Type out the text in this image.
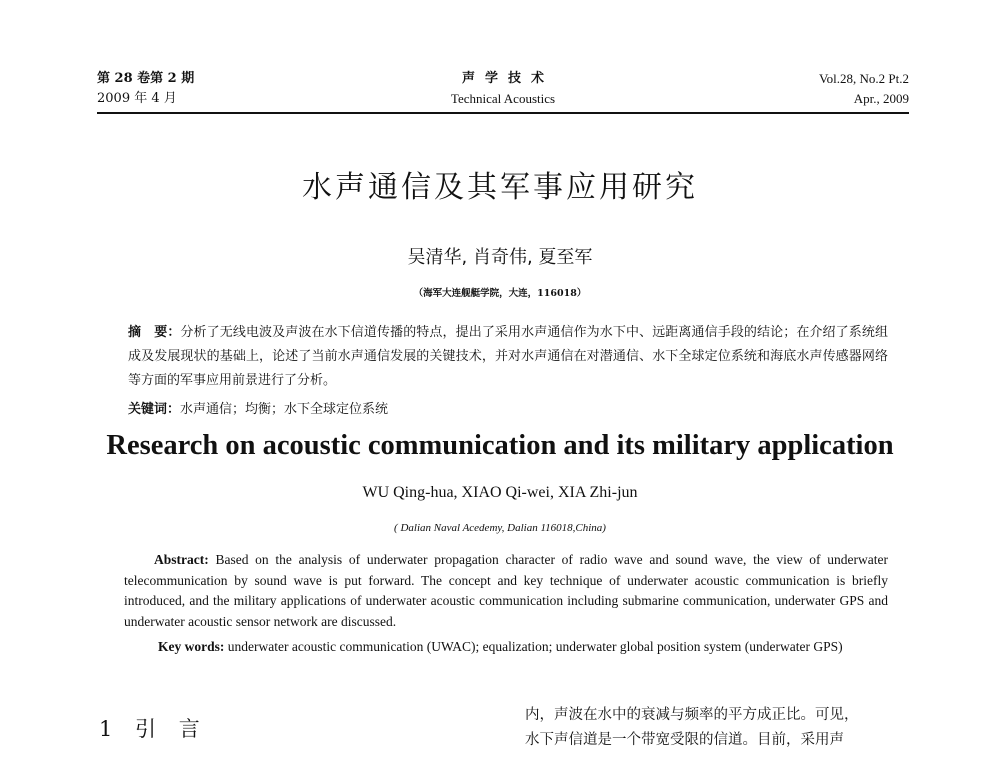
第 28 卷第 2 期
2009 年 4 月
声学技术
Technical Acoustics
Vol.28, No.2 Pt.2
Apr., 2009
水声通信及其军事应用研究
吴清华, 肖奇伟, 夏至军
（海军大连舰艇学院，大连，116018）
摘　要：分析了无线电波及声波在水下信道传播的特点，提出了采用水声通信作为水下中、远距离通信手段的结论；在介绍了系统组成及发展现状的基础上，论述了当前水声通信发展的关键技术，并对水声通信在对潜通信、水下全球定位系统和海底水声传感器网络等方面的军事应用前景进行了分析。
关键词：水声通信；均衡；水下全球定位系统
Research on acoustic communication and its military application
WU Qing-hua, XIAO Qi-wei, XIA Zhi-jun
( Dalian Naval Acedemy, Dalian 116018,China)

Abstract: Based on the analysis of underwater propagation character of radio wave and sound wave, the view of underwater telecommunication by sound wave is put forward. The concept and key technique of underwater acoustic communication is briefly introduced, and the military applications of underwater acoustic communication including submarine communication, underwater GPS and underwater acoustic sensor network are discussed.

Key words: underwater acoustic communication (UWAC); equalization; underwater global position system (underwater GPS)

1 引 言
内，声波在水中的衰减与频率的平方成正比。可见，
水下声信道是一个带宽受限的信道。目前，采用声
